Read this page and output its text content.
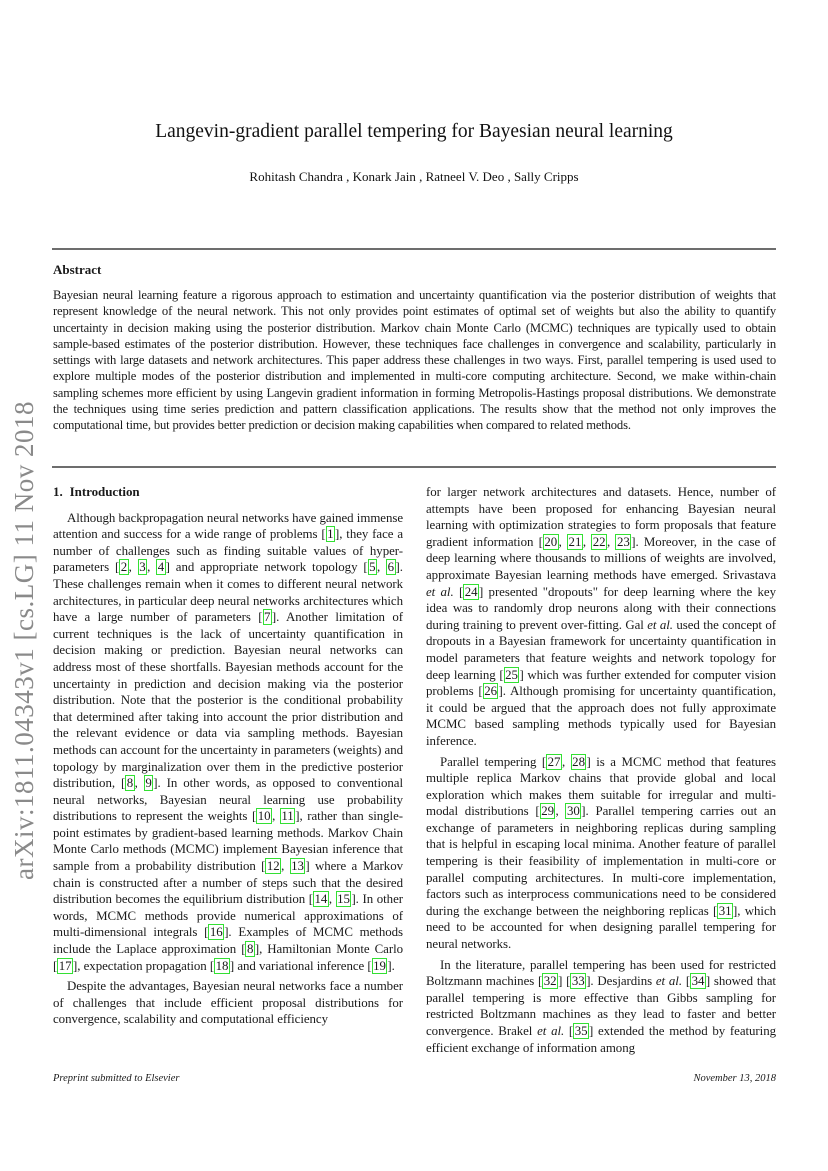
arXiv:1811.04343v1 [cs.LG] 11 Nov 2018
Langevin-gradient parallel tempering for Bayesian neural learning
Rohitash Chandra , Konark Jain , Ratneel V. Deo , Sally Cripps
Abstract
Bayesian neural learning feature a rigorous approach to estimation and uncertainty quantification via the posterior distribution of weights that represent knowledge of the neural network. This not only provides point estimates of optimal set of weights but also the ability to quantify uncertainty in decision making using the posterior distribution. Markov chain Monte Carlo (MCMC) techniques are typically used to obtain sample-based estimates of the posterior distribution. However, these techniques face challenges in convergence and scalability, particularly in settings with large datasets and network architectures. This paper address these challenges in two ways. First, parallel tempering is used used to explore multiple modes of the posterior distribution and implemented in multi-core computing architecture. Second, we make within-chain sampling schemes more efficient by using Langevin gradient information in forming Metropolis-Hastings proposal distributions. We demonstrate the techniques using time series prediction and pattern classification applications. The results show that the method not only improves the computational time, but provides better prediction or decision making capabilities when compared to related methods.
1. Introduction

Although backpropagation neural networks have gained immense attention and success for a wide range of problems [ 1 ], they face a number of challenges such as finding suitable values of hyper-parameters [ 2 , 3 , 4 ] and appropriate network topology [ 5 , 6 ]. These challenges remain when it comes to different neural network architectures, in particular deep neural networks architectures which have a large number of parameters [ 7 ]. Another limitation of current techniques is the lack of uncertainty quantification in decision making or prediction. Bayesian neural networks can address most of these shortfalls. Bayesian methods account for the uncertainty in prediction and decision making via the posterior distribution. Note that the posterior is the conditional probability that determined after taking into account the prior distribution and the relevant evidence or data via sampling methods. Bayesian methods can account for the uncertainty in parameters (weights) and topology by marginalization over them in the predictive posterior distribution, [ 8 , 9 ]. In other words, as opposed to conventional neural networks, Bayesian neural learning use probability distributions to represent the weights [ 10 , 11 ], rather than single-point estimates by gradient-based learning methods. Markov Chain Monte Carlo methods (MCMC) implement Bayesian inference that sample from a probability distribution [ 12 , 13 ] where a Markov chain is constructed after a number of steps such that the desired distribution becomes the equilibrium distribution [ 14 , 15 ]. In other words, MCMC methods provide numerical approximations of multi-dimensional integrals [ 16 ]. Examples of MCMC methods include the Laplace approximation [ 8 ], Hamiltonian Monte Carlo [ 17 ], expectation propagation [ 18 ] and variational inference [ 19 ].

Despite the advantages, Bayesian neural networks face a number of challenges that include efficient proposal distributions for convergence, scalability and computational efficiency

for larger network architectures and datasets. Hence, number of attempts have been proposed for enhancing Bayesian neural learning with optimization strategies to form proposals that feature gradient information [ 20 , 21 , 22 , 23 ]. Moreover, in the case of deep learning where thousands to millions of weights are involved, approximate Bayesian learning methods have emerged. Srivastava et al. [ 24 ] presented "dropouts" for deep learning where the key idea was to randomly drop neurons along with their connections during training to prevent over-fitting. Gal et al. used the concept of dropouts in a Bayesian framework for uncertainty quantification in model parameters that feature weights and network topology for deep learning [ 25 ] which was further extended for computer vision problems [ 26 ]. Although promising for uncertainty quantification, it could be argued that the approach does not fully approximate MCMC based sampling methods typically used for Bayesian inference.

Parallel tempering [ 27 , 28 ] is a MCMC method that features multiple replica Markov chains that provide global and local exploration which makes them suitable for irregular and multi-modal distributions [ 29 , 30 ]. Parallel tempering carries out an exchange of parameters in neighboring replicas during sampling that is helpful in escaping local minima. Another feature of parallel tempering is their feasibility of implementation in multi-core or parallel computing architectures. In multi-core implementation, factors such as interprocess communications need to be considered during the exchange between the neighboring replicas [ 31 ], which need to be accounted for when designing parallel tempering for neural networks.

In the literature, parallel tempering has been used for restricted Boltzmann machines [ 32 ] [ 33 ]. Desjardins et al. [ 34 ] showed that parallel tempering is more effective than Gibbs sampling for restricted Boltzmann machines as they lead to faster and better convergence. Brakel et al. [ 35 ] extended the method by featuring efficient exchange of information among

Preprint submitted to Elsevier	November 13, 2018
